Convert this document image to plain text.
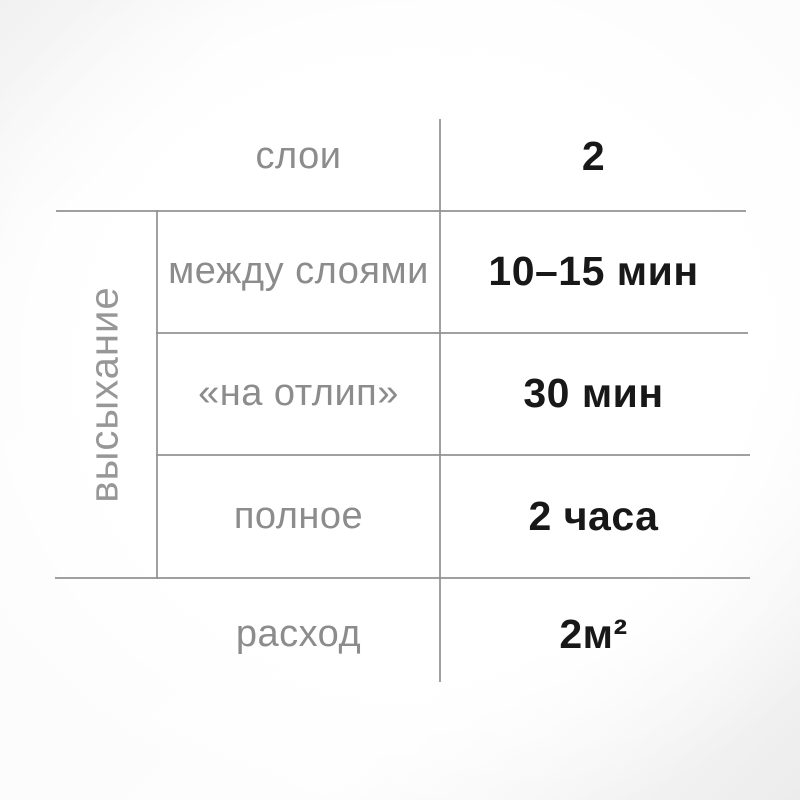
высыхание
слои	2
между слоями	10–15 мин
«на отлип»	30 мин
полное	2 часа
расход	2м²
